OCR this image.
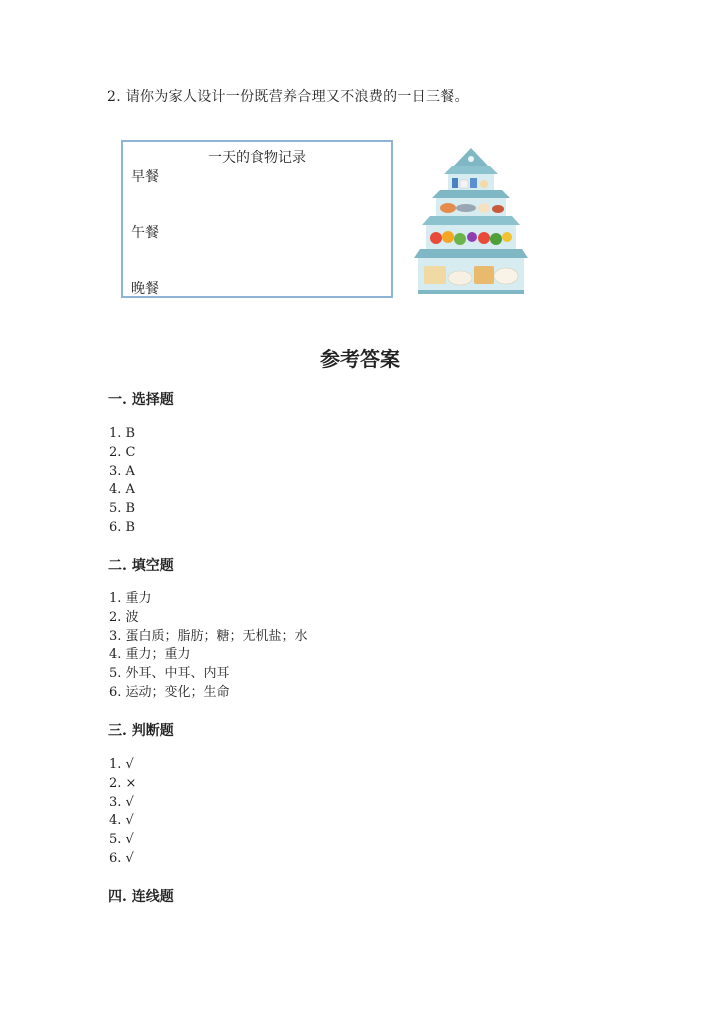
2. 请你为家人设计一份既营养合理又不浪费的一日三餐。
一天的食物记录
早餐
午餐
晚餐
参考答案
一. 选择题
1. B
2. C
3. A
4. A
5. B
6. B
二. 填空题
1. 重力
2. 波
3. 蛋白质；脂肪；糖；无机盐；水
4. 重力；重力
5. 外耳、中耳、内耳
6. 运动；变化；生命
三. 判断题
1. √
2. ×
3. √
4. √
5. √
6. √
四. 连线题
